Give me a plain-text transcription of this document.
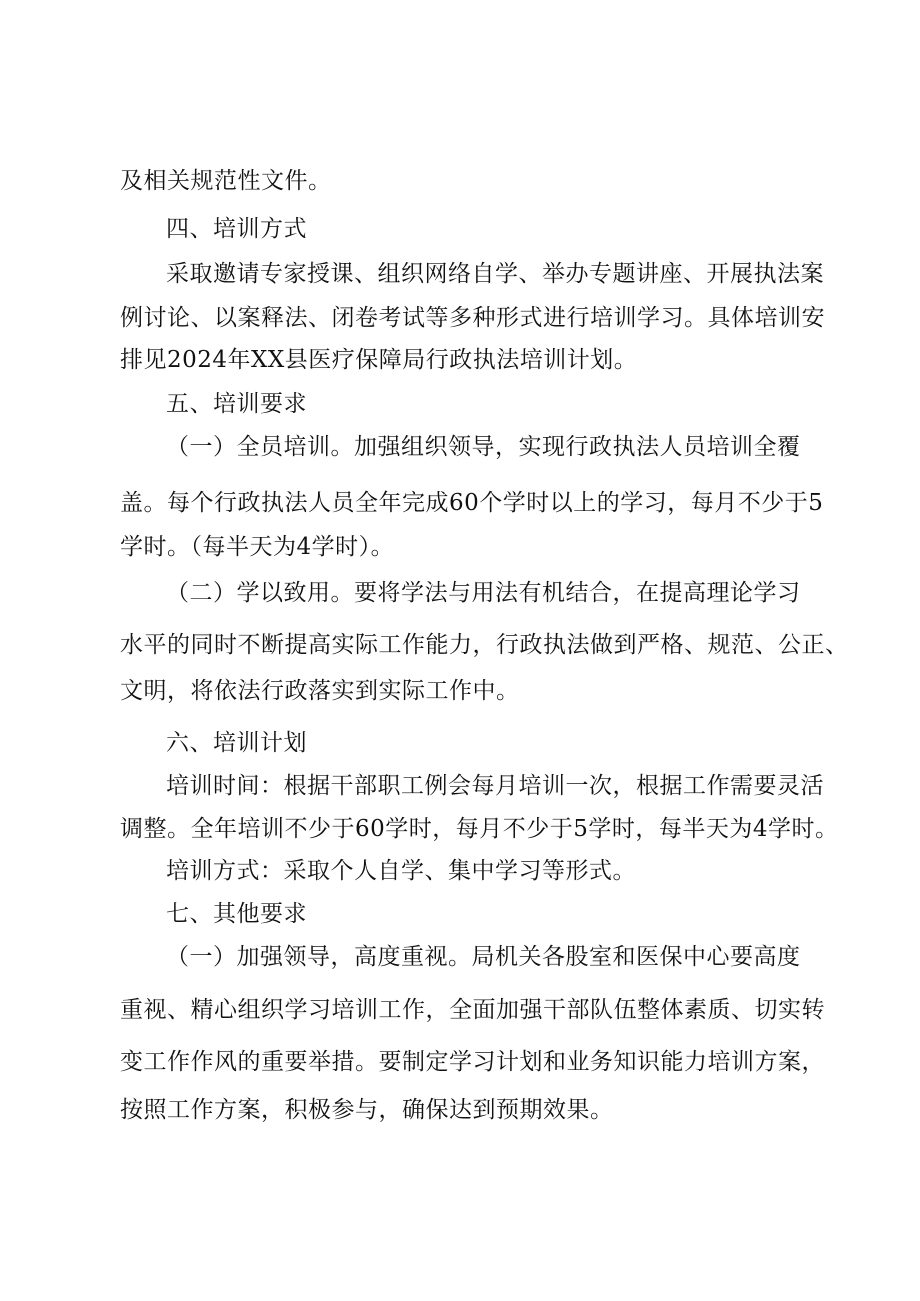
及相关规范性文件。
四、培训方式
采取邀请专家授课、组织网络自学、举办专题讲座、开展执法案
例讨论、以案释法、闭卷考试等多种形式进行培训学习。具体培训安
排见2024年XX县医疗保障局行政执法培训计划。
五、培训要求
（一）全员培训。加强组织领导，实现行政执法人员培训全覆
盖。每个行政执法人员全年完成60个学时以上的学习，每月不少于5
学时。（每半天为4学时）。
（二）学以致用。要将学法与用法有机结合，在提高理论学习
水平的同时不断提高实际工作能力，行政执法做到严格、规范、公正、
文明，将依法行政落实到实际工作中。
六、培训计划
培训时间：根据干部职工例会每月培训一次，根据工作需要灵活
调整。全年培训不少于60学时，每月不少于5学时，每半天为4学时。
培训方式：采取个人自学、集中学习等形式。
七、其他要求
（一）加强领导，高度重视。局机关各股室和医保中心要高度
重视、精心组织学习培训工作，全面加强干部队伍整体素质、切实转
变工作作风的重要举措。要制定学习计划和业务知识能力培训方案，
按照工作方案，积极参与，确保达到预期效果。
